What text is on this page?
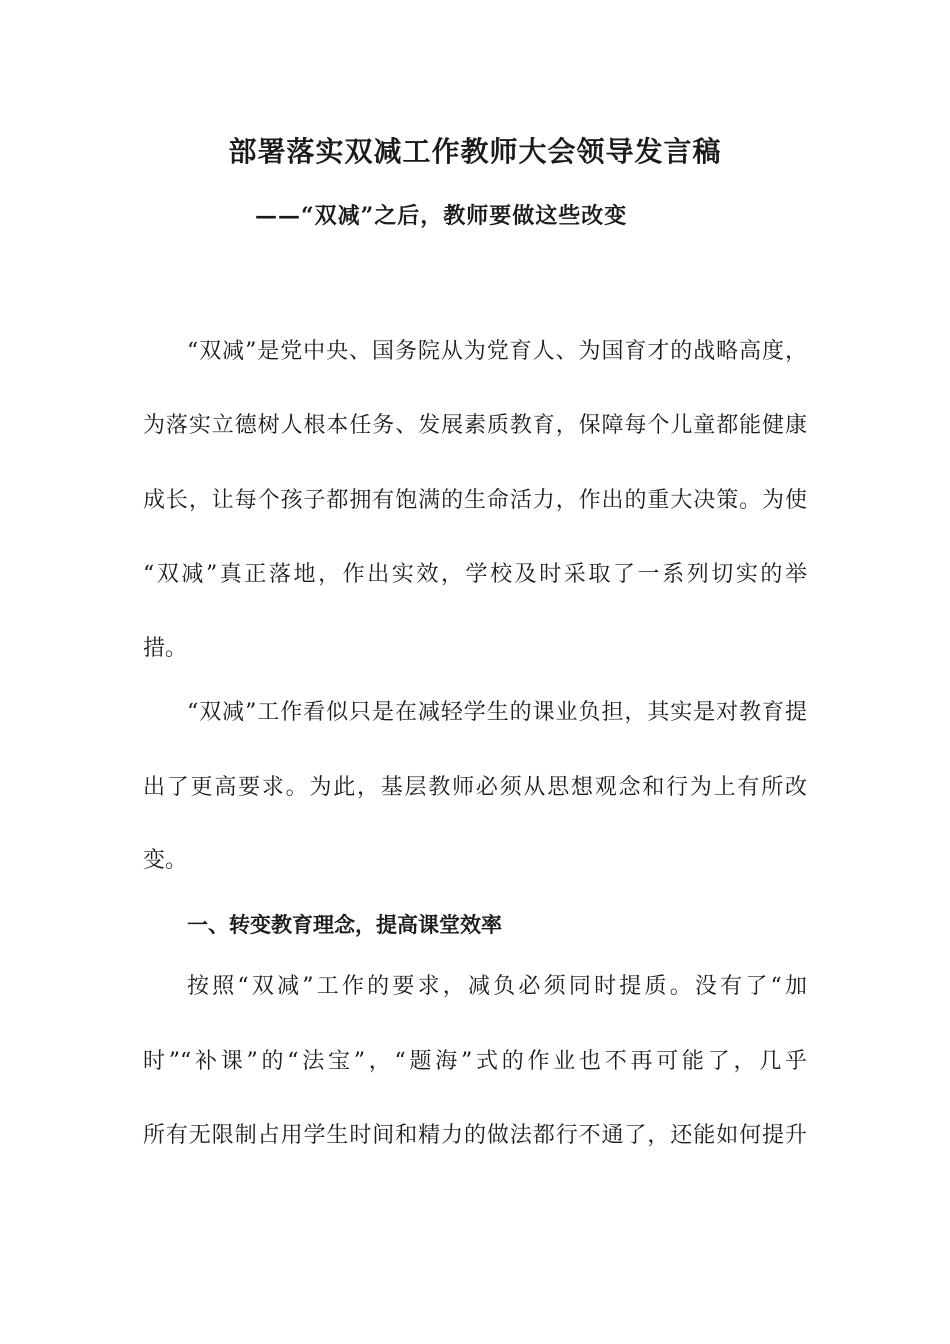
部署落实双减工作教师大会领导发言稿
——“双减”之后，教师要做这些改变
“双减”是党中央、国务院从为党育人、为国育才的战略高度，
为落实立德树人根本任务、发展素质教育，保障每个儿童都能健康
成长，让每个孩子都拥有饱满的生命活力，作出的重大决策。为使
“双减”真正落地，作出实效，学校及时采取了一系列切实的举
措。
“双减”工作看似只是在减轻学生的课业负担，其实是对教育提
出了更高要求。为此，基层教师必须从思想观念和行为上有所改
变。
一、转变教育理念，提高课堂效率
按照“双减”工作的要求，减负必须同时提质。没有了“加
时”“补课”的“法宝”，“题海”式的作业也不再可能了，几乎
所有无限制占用学生时间和精力的做法都行不通了，还能如何提升
